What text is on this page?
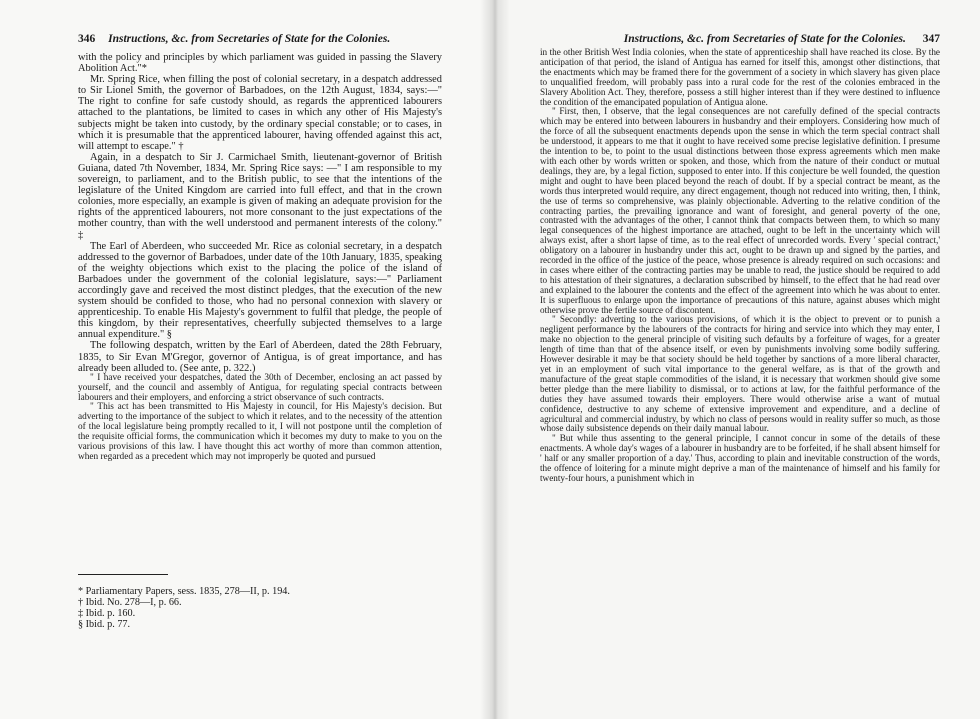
346 Instructions, &c. from Secretaries of State for the Colonies.

with the policy and principles by which parliament was guided in passing the Slavery Abolition Act."*

Mr. Spring Rice, when filling the post of colonial secretary, in a despatch addressed to Sir Lionel Smith, the governor of Barbadoes, on the 12th August, 1834, says:—" The right to confine for safe custody should, as regards the apprenticed labourers attached to the plantations, be limited to cases in which any other of His Majesty's subjects might be taken into custody, by the ordinary special constable; or to cases, in which it is presumable that the apprenticed labourer, having offended against this act, will attempt to escape." †

Again, in a despatch to Sir J. Carmichael Smith, lieutenant-governor of British Guiana, dated 7th November, 1834, Mr. Spring Rice says: —" I am responsible to my sovereign, to parliament, and to the British public, to see that the intentions of the legislature of the United Kingdom are carried into full effect, and that in the crown colonies, more especially, an example is given of making an adequate provision for the rights of the apprenticed labourers, not more consonant to the just expectations of the mother country, than with the well understood and permanent interests of the colony." ‡

The Earl of Aberdeen, who succeeded Mr. Rice as colonial secretary, in a despatch addressed to the governor of Barbadoes, under date of the 10th January, 1835, speaking of the weighty objections which exist to the placing the police of the island of Barbadoes under the government of the colonial legislature, says:—" Parliament accordingly gave and received the most distinct pledges, that the execution of the new system should be confided to those, who had no personal connexion with slavery or apprenticeship. To enable His Majesty's government to fulfil that pledge, the people of this kingdom, by their representatives, cheerfully subjected themselves to a large annual expenditure." §

The following despatch, written by the Earl of Aberdeen, dated the 28th February, 1835, to Sir Evan M'Gregor, governor of Antigua, is of great importance, and has already been alluded to. (See ante, p. 322.)

" I have received your despatches, dated the 30th of December, enclosing an act passed by yourself, and the council and assembly of Antigua, for regulating special contracts between labourers and their employers, and enforcing a strict observance of such contracts.

" This act has been transmitted to His Majesty in council, for His Majesty's decision. But adverting to the importance of the subject to which it relates, and to the necessity of the attention of the local legislature being promptly recalled to it, I will not postpone until the completion of the requisite official forms, the communication which it becomes my duty to make to you on the various provisions of this law. I have thought this act worthy of more than common attention, when regarded as a precedent which may not improperly be quoted and pursued

* Parliamentary Papers, sess. 1835, 278—II, p. 194.
† Ibid. No. 278—I, p. 66.
‡ Ibid. p. 160.
§ Ibid. p. 77.
Instructions, &c. from Secretaries of State for the Colonies. 347

in the other British West India colonies, when the state of apprenticeship shall have reached its close. By the anticipation of that period, the island of Antigua has earned for itself this, amongst other distinctions, that the enactments which may be framed there for the government of a society in which slavery has given place to unqualified freedom, will probably pass into a rural code for the rest of the colonies embraced in the Slavery Abolition Act. They, therefore, possess a still higher interest than if they were destined to influence the condition of the emancipated population of Antigua alone.

" First, then, I observe, that the legal consequences are not carefully defined of the special contracts which may be entered into between labourers in husbandry and their employers. Considering how much of the force of all the subsequent enactments depends upon the sense in which the term special contract shall be understood, it appears to me that it ought to have received some precise legislative definition. I presume the intention to be, to point to the usual distinctions between those express agreements which men make with each other by words written or spoken, and those, which from the nature of their conduct or mutual dealings, they are, by a legal fiction, supposed to enter into. If this conjecture be well founded, the question might and ought to have been placed beyond the reach of doubt. If by a special contract be meant, as the words thus interpreted would require, any direct engagement, though not reduced into writing, then, I think, the use of terms so comprehensive, was plainly objectionable. Adverting to the relative condition of the contracting parties, the prevailing ignorance and want of foresight, and general poverty of the one, contrasted with the advantages of the other, I cannot think that compacts between them, to which so many legal consequences of the highest importance are attached, ought to be left in the uncertainty which will always exist, after a short lapse of time, as to the real effect of unrecorded words. Every ' special contract,' obligatory on a labourer in husbandry under this act, ought to be drawn up and signed by the parties, and recorded in the office of the justice of the peace, whose presence is already required on such occasions: and in cases where either of the contracting parties may be unable to read, the justice should be required to add to his attestation of their signatures, a declaration subscribed by himself, to the effect that he had read over and explained to the labourer the contents and the effect of the agreement into which he was about to enter. It is superfluous to enlarge upon the importance of precautions of this nature, against abuses which might otherwise prove the fertile source of discontent.

" Secondly: adverting to the various provisions, of which it is the object to prevent or to punish a negligent performance by the labourers of the contracts for hiring and service into which they may enter, I make no objection to the general principle of visiting such defaults by a forfeiture of wages, for a greater length of time than that of the absence itself, or even by punishments involving some bodily suffering. However desirable it may be that society should be held together by sanctions of a more liberal character, yet in an employment of such vital importance to the general welfare, as is that of the growth and manufacture of the great staple commodities of the island, it is necessary that workmen should give some better pledge than the mere liability to dismissal, or to actions at law, for the faithful performance of the duties they have assumed towards their employers. There would otherwise arise a want of mutual confidence, destructive to any scheme of extensive improvement and expenditure, and a decline of agricultural and commercial industry, by which no class of persons would in reality suffer so much, as those whose daily subsistence depends on their daily manual labour.

" But while thus assenting to the general principle, I cannot concur in some of the details of these enactments. A whole day's wages of a labourer in husbandry are to be forfeited, if he shall absent himself for ' half or any smaller proportion of a day.' Thus, according to plain and inevitable construction of the words, the offence of loitering for a minute might deprive a man of the maintenance of himself and his family for twenty-four hours, a punishment which in
